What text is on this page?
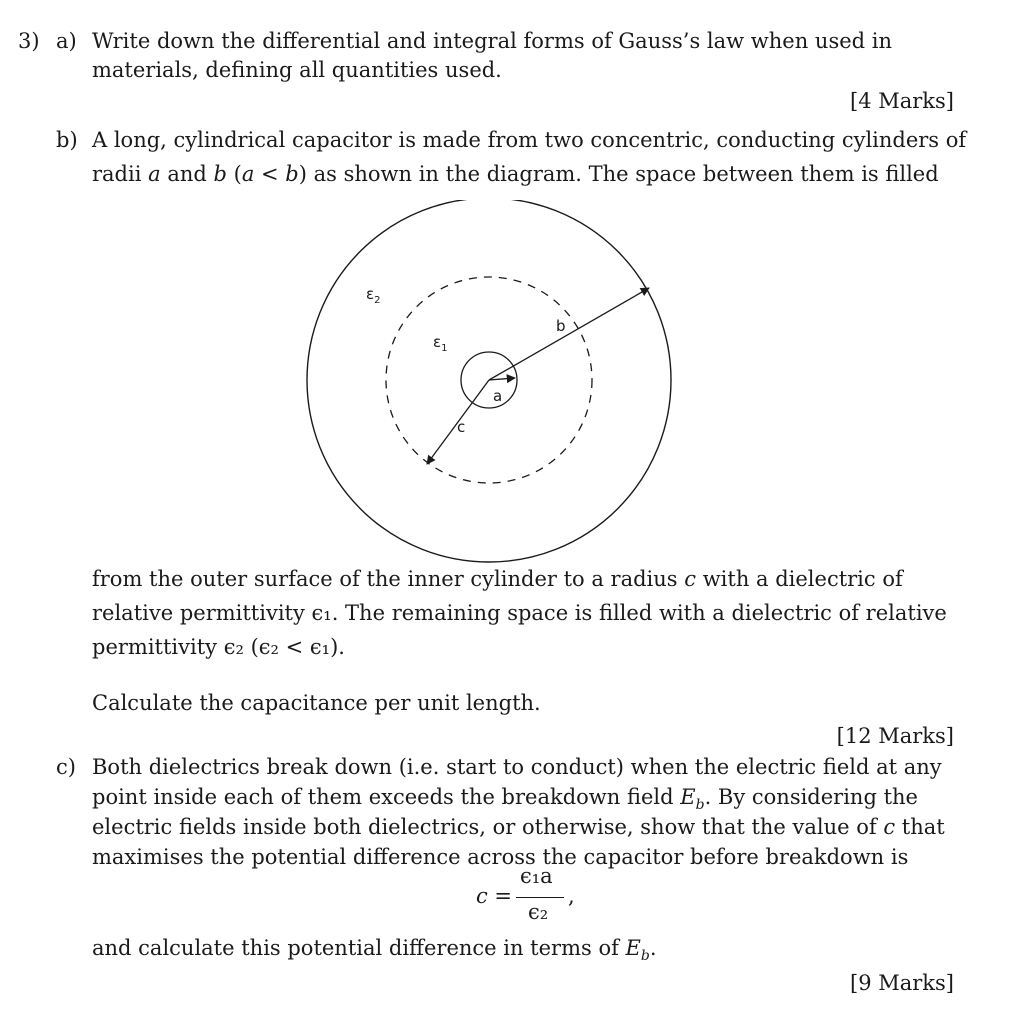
3) a) Write down the differential and integral forms of Gauss’s law when used in
materials, defining all quantities used.
[4 Marks]
b) A long, cylindrical capacitor is made from two concentric, conducting cylinders of
radii a and b (a < b) as shown in the diagram. The space between them is filled
$\varepsilon_2$
$\varepsilon_1$
b
a
c
from the outer surface of the inner cylinder to a radius c with a dielectric of
relative permittivity ϵ₁. The remaining space is filled with a dielectric of relative
permittivity ϵ₂ (ϵ₂ < ϵ₁).
Calculate the capacitance per unit length.
[12 Marks]
c) Both dielectrics break down (i.e. start to conduct) when the electric field at any
point inside each of them exceeds the breakdown field $E_b$. By considering the
electric fields inside both dielectrics, or otherwise, show that the value of c that
maximises the potential difference across the capacitor before breakdown is
c =
ϵ₁a
ϵ₂
,
and calculate this potential difference in terms of $E_b$.
[9 Marks]
